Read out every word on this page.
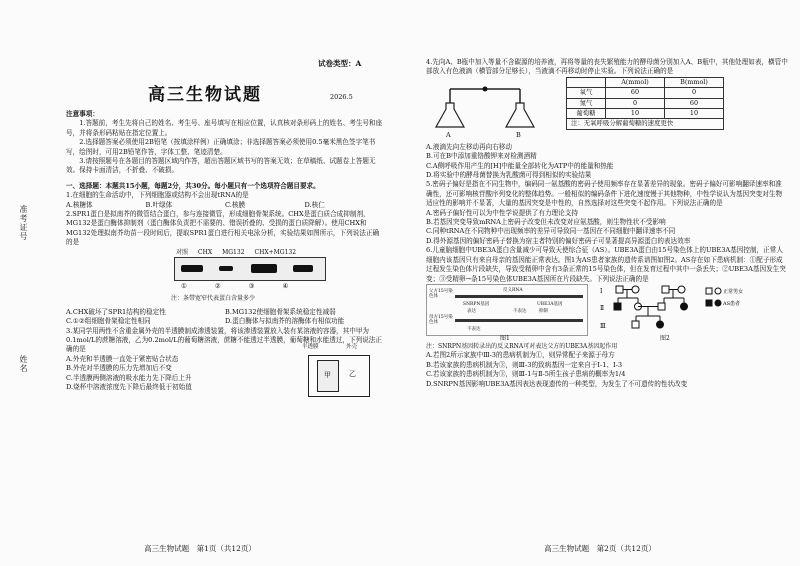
准考证号
姓名
试卷类型：A
高三生物试题	2026.5

注意事项：

1.答题前，考生先将自己的姓名、考生号、座号填写在相应位置，认真核对条形码上的姓名、考生号和座号，并将条形码粘贴在指定位置上。

2.选择题答案必须使用2B铅笔（按填涂样例）正确填涂；非选择题答案必须使用0.5毫米黑色签字笔书写，绘图时，可用2B铅笔作答，字体工整、笔迹清楚。

3.请按照题号在各题目的答题区域内作答，超出答题区域书写的答案无效；在草稿纸、试题卷上答题无效。保持卡面清洁，不折叠、不破损。

一、选择题：本题共15小题，每题2分，共30分。每小题只有一个选项符合题目要求。

1.在细胞的生命活动中，下列细胞器或结构不会出现tRNA的是

A.核糖体	B.叶绿体	C.核膜	D.核仁

2.SPR1蛋白是拟南芥的微管结合蛋白，参与连接微管，形成细胞骨架系统。CHX是蛋白质合成抑制剂，MG132是蛋白酶体抑制剂（蛋白酶体负责把不需要的、错误折叠的、受损的蛋白质降解）。使用CHX和MG132处理拟南芥幼苗一段时间后，提取SPR1蛋白进行相关电泳分析，实验结果如图所示，下列说法正确的是

对照 CHX MG132 CHX+MG132
①	②	③	④
注：条带宽窄代表蛋白含量多少
A.CHX破坏了SPR1结构的稳定性	B.MG132使细胞骨架系统稳定性减弱
C.①②组细胞骨架稳定性相同	D.蛋白酶体与拟南芥的溶酶体有相似功能

3.某同学用两性不含重金属外壳的半透膜制成渗透装置，将该渗透装置放入装有某溶液的容器，其中甲为0.1mol/L的蔗糖溶液，乙为0.2mol/L的葡萄糖溶液，蔗糖不能透过半透膜，葡萄糖和水能透过，下列说法正确的是

A.外壳和半透膜一直处于紧密贴合状态

B.外壳对半透膜的压力先增加后不变

C.半透膜两侧溶液的吸水能力先下降后上升

D.烧杯中溶液浓度先下降后最终低于初始值

半透膜	外壳
甲	乙
高三生物试题　第1页（共12页）

4.先向A、B瓶中加入等量不含碳源的培养液，再将等量的丧失繁殖能力的酵母菌分别加入A、B瓶中，其他处理如表，横管中部放入有色液滴（横管部分足够长），当液滴不再移动时停止实验。下列说法正确的是

A	B
	A(mmol)	B(mmol)
氧气	60	0
氮气	0	60
葡萄糖	10	10
注：无氧呼吸分解葡萄糖的速度更快		

A.液滴先向左移动再向右移动

B.可在B中添加重铬酸钾来对检测酒精

C.A侧呼吸作用产生的[H]中能量全部转化为ATP中的能量和热能

D.将实验中的酵母菌替换为乳酸菌可得到相似的实验结果

5.密码子偏好是指在不同生物中，编码同一氨基酸的密码子使用频率存在显著差异的现象。密码子偏好可影响翻译速率和准确性，还可影响核苷酸序列变化的整体趋势。一般相似的编码条件下进化速度慢于其他物种，中性学说认为基因突变对生物适应性的影响并不显著，大量的基因突变是中性的，自然选择对这些突变不起作用。下列说法正确的是

A.密码子偏好性可以为中性学说提供了有力理论支持

B.若基因突变导致mRNA上密码子改变但未改变对应氨基酸，则生物性状不受影响

C.同种tRNA在不同物种中出现频率的差异可导致同一基因在不同细胞中翻译速率不同

D.得外源基因的偏好密码子替换为宿主者特别的偏好密码子可显著提高异源蛋白的表达效率

6.儿童脑细胞中UBE3A蛋白含量减少可导致天使综合征（AS）。UBE3A蛋白由15号染色体上的UBE3A基因控制，正常人细胞内该基因只有来自母亲的基因能正常表达。图1为AS患者家族的遗传系谱图如图2。AS存在如下患病机制：①配子形成过程发生染色体片段缺失，导致受精卵中含有3条正常的15号染色体，但在发育过程中其中一条丢失；②UBE3A基因发生突变；③受精卵→条15号染色体UBE3A基因所在片段缺失。下列说法正确的是

父方15号染色体
母方15号染色体
SNRPN基因
反义RNA
UBE3A基因
表达	不表达	抑制
不表达
图1
Ⅰ
Ⅱ
Ⅲ
正常男女
AS患者
图2

注：SNRPN基因转录出的反义RNA可对表达父方的UBE3A基因起作用

A.若图2所示家族中Ⅲ-3的患病机制为①，则异常配子来源于母方

B.若该家族的患病机制为③，则Ⅲ-3的致病基因一定来自于Ⅰ-1、Ⅰ-3

C.若该家族的患病机制为③，则Ⅲ-1与Ⅱ-5所生孩子患病的概率为1/4

D.SNRPN基因影响UBE3A基因表达表现遗传的一种类型，为发生了不可遗传的性状改变

高三生物试题　第2页（共12页）
